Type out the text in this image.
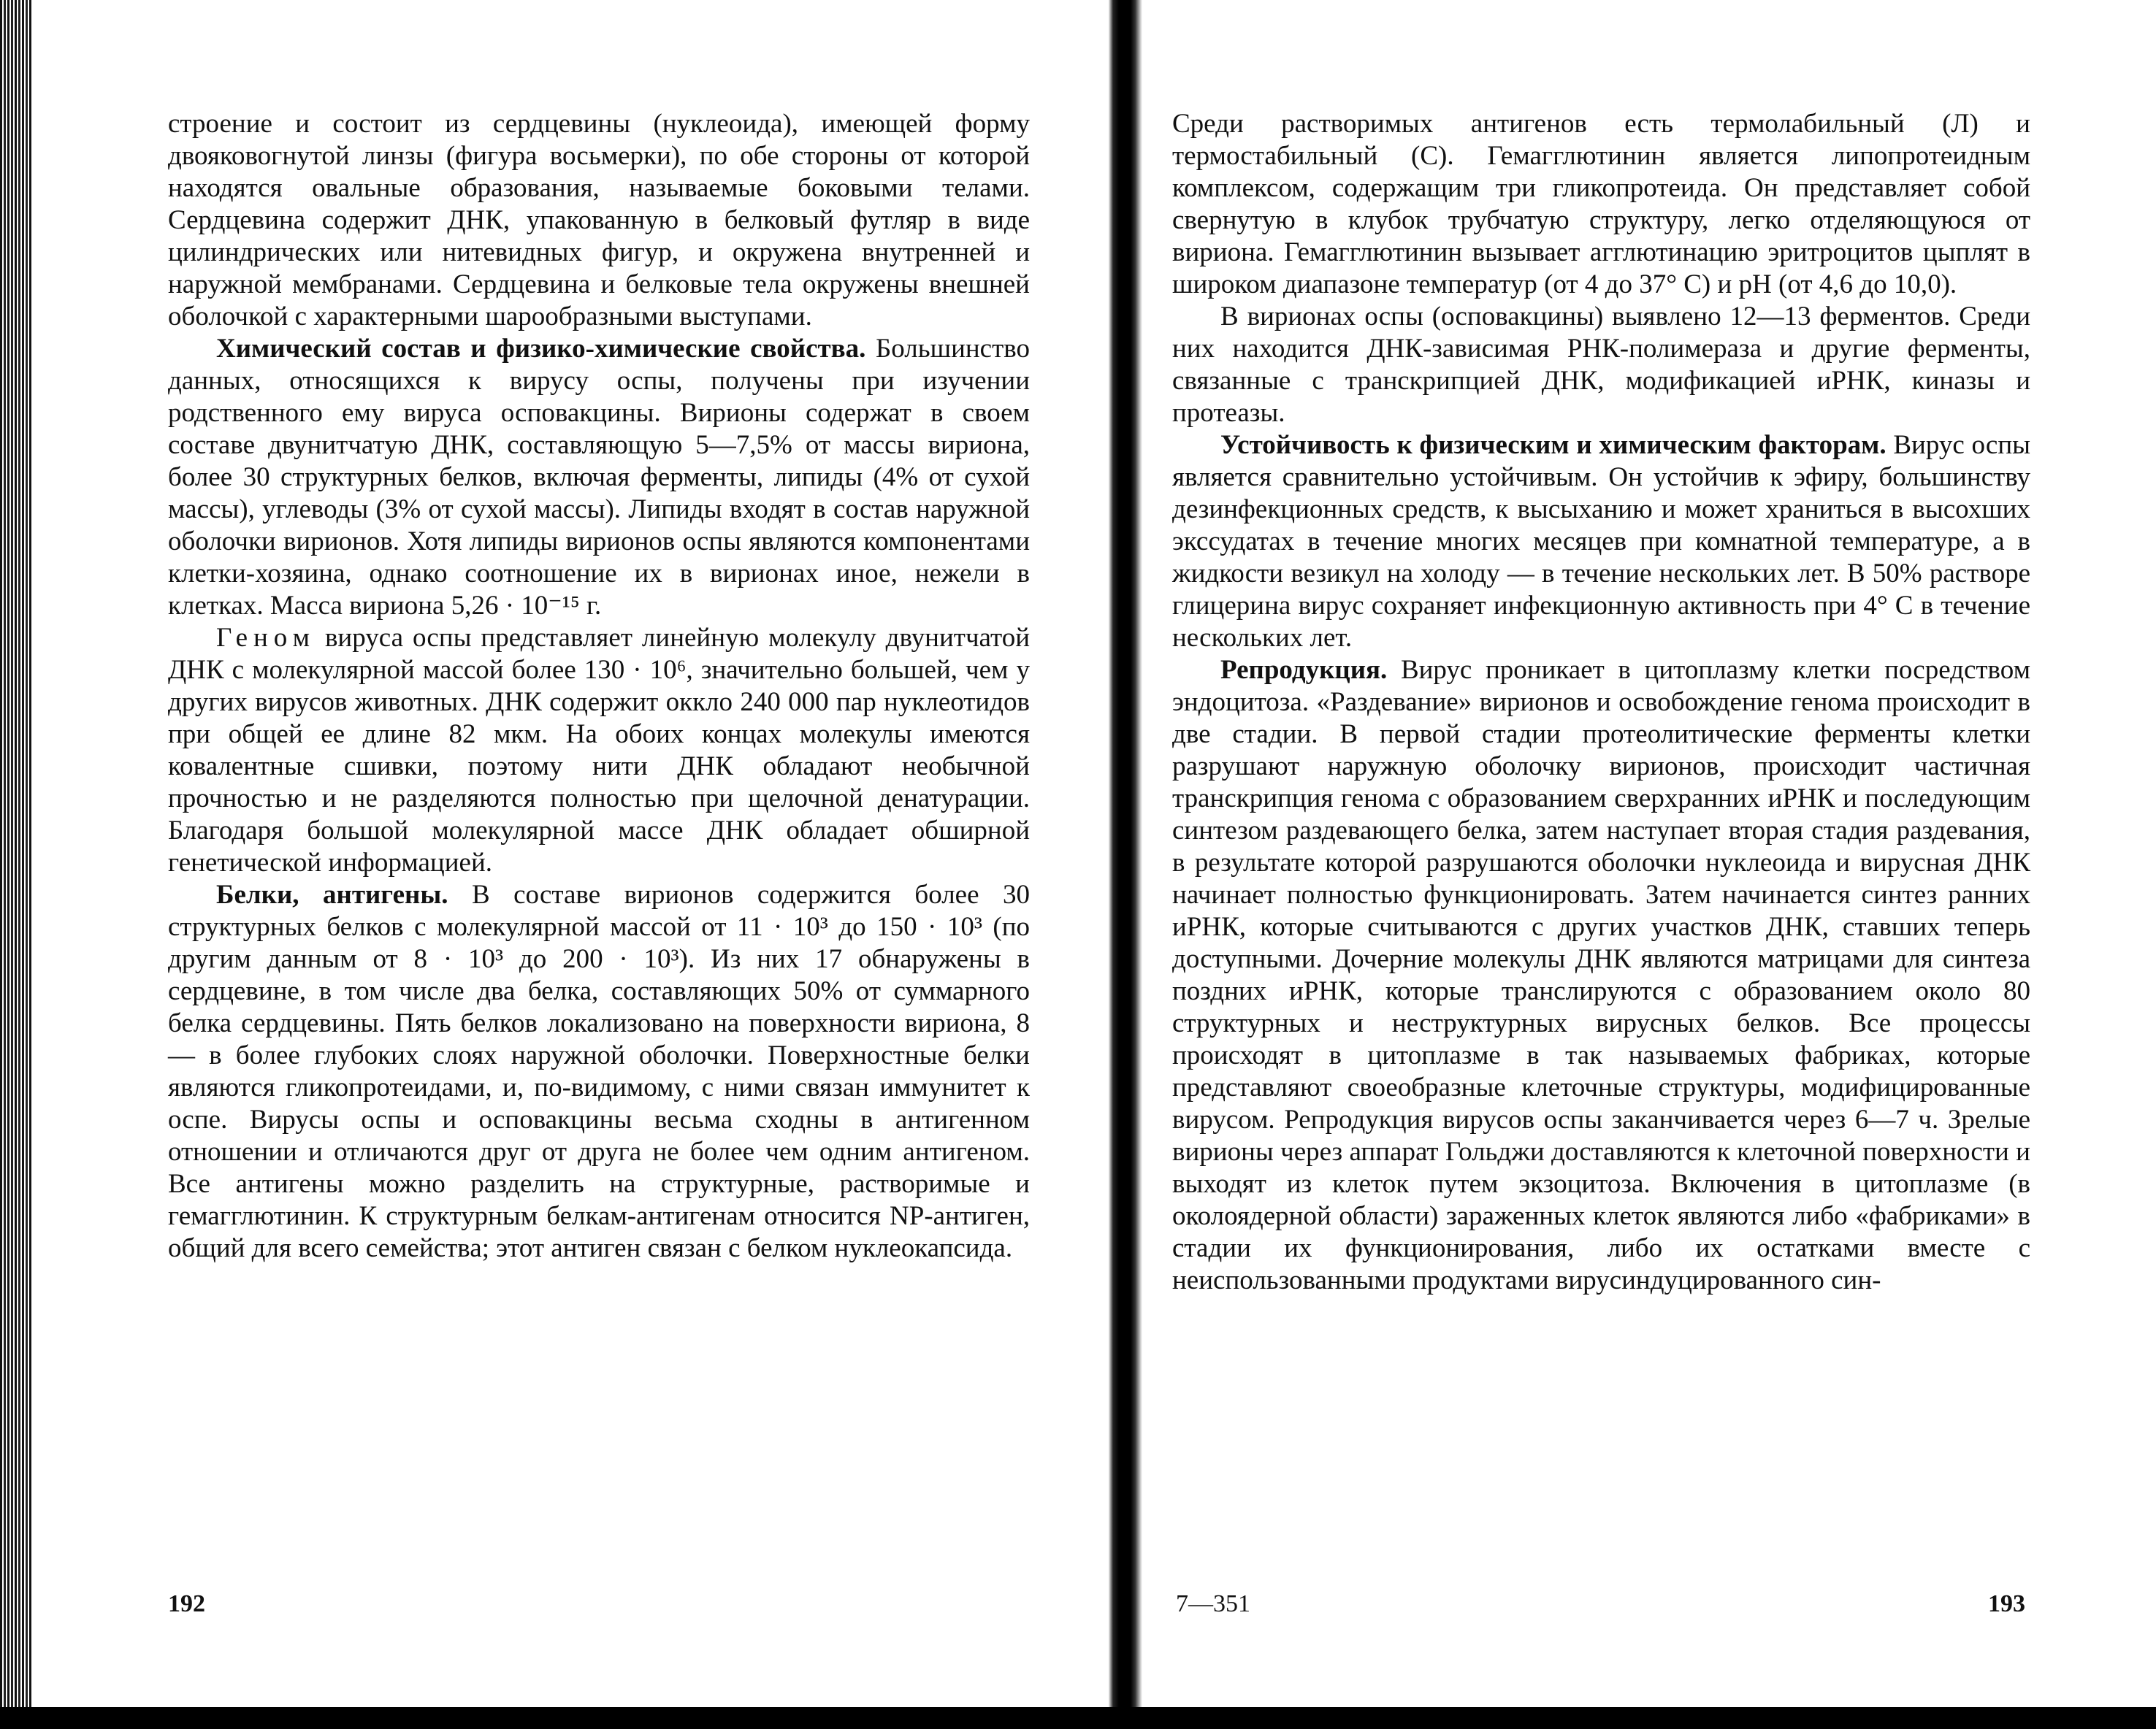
строение и состоит из сердцевины (нуклеоида), имеющей форму двояковогнутой линзы (фигура восьмерки), по обе стороны от которой находятся овальные образования, называемые боковыми телами. Сердцевина содержит ДНК, упакованную в белковый футляр в виде цилиндрических или нитевидных фигур, и окружена внутренней и наружной мембранами. Сердцевина и белковые тела окружены внешней оболочкой с характерными шарообразными выступами.

Химический состав и физико-химические свойства. Большинство данных, относящихся к вирусу оспы, получены при изучении родственного ему вируса осповакцины. Вирионы содержат в своем составе двунитчатую ДНК, составляющую 5—7,5% от массы вириона, более 30 структурных белков, включая ферменты, липиды (4% от сухой массы), углеводы (3% от сухой массы). Липиды входят в состав наружной оболочки вирионов. Хотя липиды вирионов оспы являются компонентами клетки-хозяина, однако соотношение их в вирионах иное, нежели в клетках. Масса вириона 5,26 · 10⁻¹⁵ г.

Геном вируса оспы представляет линейную молекулу двунитчатой ДНК с молекулярной массой более 130 · 10⁶, значительно большей, чем у других вирусов животных. ДНК содержит оккло 240 000 пар нуклеотидов при общей ее длине 82 мкм. На обоих концах молекулы имеются ковалентные сшивки, поэтому нити ДНК обладают необычной прочностью и не разделяются полностью при щелочной денатурации. Благодаря большой молекулярной массе ДНК обладает обширной генетической информацией.

Белки, антигены. В составе вирионов содержится более 30 структурных белков с молекулярной массой от 11 · 10³ до 150 · 10³ (по другим данным от 8 · 10³ до 200 · 10³). Из них 17 обнаружены в сердцевине, в том числе два белка, составляющих 50% от суммарного белка сердцевины. Пять белков локализовано на поверхности вириона, 8 — в более глубоких слоях наружной оболочки. Поверхностные белки являются гликопротеидами, и, по-видимому, с ними связан иммунитет к оспе. Вирусы оспы и осповакцины весьма сходны в антигенном отношении и отличаются друг от друга не более чем одним антигеном. Все антигены можно разделить на структурные, растворимые и гемагглютинин. К структурным белкам-антигенам относится NP-антиген, общий для всего семейства; этот антиген связан с белком нуклеокапсида.

Среди растворимых антигенов есть термолабильный (Л) и термостабильный (С). Гемагглютинин является липопротеидным комплексом, содержащим три гликопротеида. Он представляет собой свернутую в клубок трубчатую структуру, легко отделяющуюся от вириона. Гемагглютинин вызывает агглютинацию эритроцитов цыплят в широком диапазоне температур (от 4 до 37° С) и pH (от 4,6 до 10,0).

В вирионах оспы (осповакцины) выявлено 12—13 ферментов. Среди них находится ДНК-зависимая РНК-полимераза и другие ферменты, связанные с транскрипцией ДНК, модификацией иРНК, киназы и протеазы.

Устойчивость к физическим и химическим факторам. Вирус оспы является сравнительно устойчивым. Он устойчив к эфиру, большинству дезинфекционных средств, к высыханию и может храниться в высохших экссудатах в течение многих месяцев при комнатной температуре, а в жидкости везикул на холоду — в течение нескольких лет. В 50% растворе глицерина вирус сохраняет инфекционную активность при 4° С в течение нескольких лет.

Репродукция. Вирус проникает в цитоплазму клетки посредством эндоцитоза. «Раздевание» вирионов и освобождение генома происходит в две стадии. В первой стадии протеолитические ферменты клетки разрушают наружную оболочку вирионов, происходит частичная транскрипция генома с образованием сверхранних иРНК и последующим синтезом раздевающего белка, затем наступает вторая стадия раздевания, в результате которой разрушаются оболочки нуклеоида и вирусная ДНК начинает полностью функционировать. Затем начинается синтез ранних иРНК, которые считываются с других участков ДНК, ставших теперь доступными. Дочерние молекулы ДНК являются матрицами для синтеза поздних иРНК, которые транслируются с образованием около 80 структурных и неструктурных вирусных белков. Все процессы происходят в цитоплазме в так называемых фабриках, которые представляют своеобразные клеточные структуры, модифицированные вирусом. Репродукция вирусов оспы заканчивается через 6—7 ч. Зрелые вирионы через аппарат Гольджи доставляются к клеточной поверхности и выходят из клеток путем экзоцитоза. Включения в цитоплазме (в околоядерной области) зараженных клеток являются либо «фабриками» в стадии их функционирования, либо их остатками вместе с неиспользованными продуктами вирусиндуцированного син-

192	7—351	193
